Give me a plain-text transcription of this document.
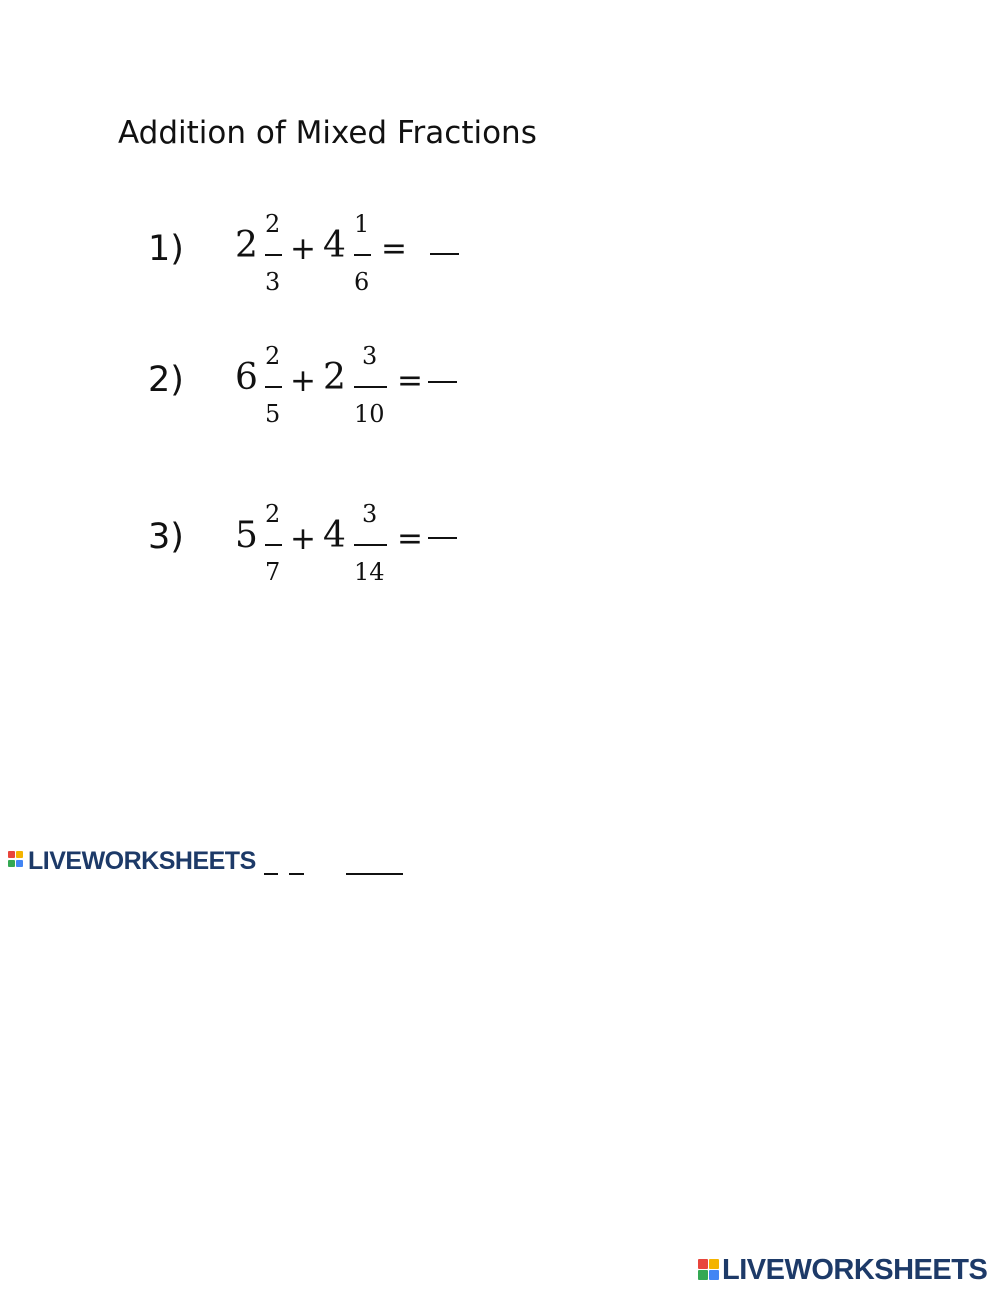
Addition of Mixed Fractions
1) 2
2
3
+ 4
1
6
=
2) 6
2
5
+ 2
3
10
=
3) 5
2
7
+ 4
3
14
=
LIVEWORKSHEETS
LIVEWORKSHEETS
